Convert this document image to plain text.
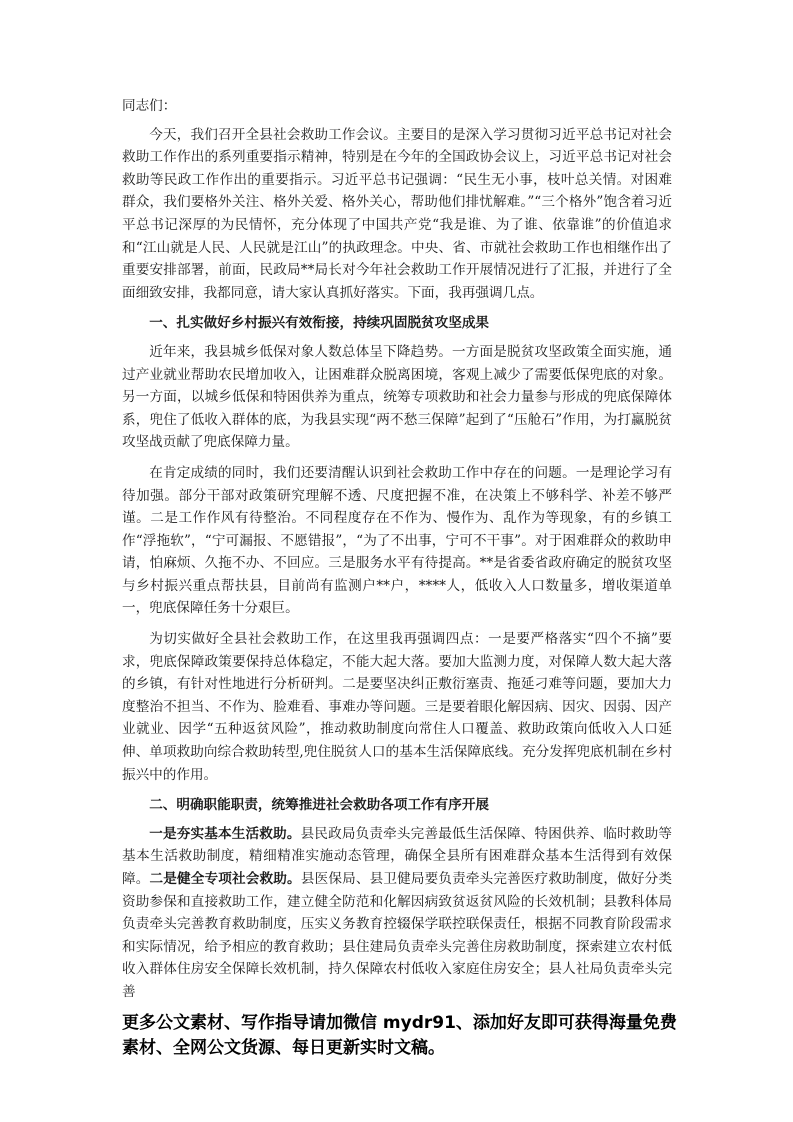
同志们：

今天，我们召开全县社会救助工作会议。主要目的是深入学习贯彻习近平总书记对社会救助工作作出的系列重要指示精神，特别是在今年的全国政协会议上，习近平总书记对社会救助等民政工作作出的重要指示。习近平总书记强调：“民生无小事，枝叶总关情。对困难群众，我们要格外关注、格外关爱、格外关心，帮助他们排忧解难。”“三个格外”饱含着习近平总书记深厚的为民情怀，充分体现了中国共产党“我是谁、为了谁、依靠谁”的价值追求和“江山就是人民、人民就是江山”的执政理念。中央、省、市就社会救助工作也相继作出了重要安排部署，前面，民政局**局长对今年社会救助工作开展情况进行了汇报，并进行了全面细致安排，我都同意，请大家认真抓好落实。下面，我再强调几点。

一、扎实做好乡村振兴有效衔接，持续巩固脱贫攻坚成果

近年来，我县城乡低保对象人数总体呈下降趋势。一方面是脱贫攻坚政策全面实施，通过产业就业帮助农民增加收入，让困难群众脱离困境，客观上减少了需要低保兜底的对象。另一方面，以城乡低保和特困供养为重点，统筹专项救助和社会力量参与形成的兜底保障体系，兜住了低收入群体的底，为我县实现“两不愁三保障”起到了“压舱石”作用，为打赢脱贫攻坚战贡献了兜底保障力量。

在肯定成绩的同时，我们还要清醒认识到社会救助工作中存在的问题。一是理论学习有待加强。部分干部对政策研究理解不透、尺度把握不准，在决策上不够科学、补差不够严谨。二是工作作风有待整治。不同程度存在不作为、慢作为、乱作为等现象，有的乡镇工作“浮拖软”，“宁可漏报、不愿错报”，“为了不出事，宁可不干事”。对于困难群众的救助申请，怕麻烦、久拖不办、不回应。三是服务水平有待提高。**是省委省政府确定的脱贫攻坚与乡村振兴重点帮扶县，目前尚有监测户**户，****人，低收入人口数量多，增收渠道单一，兜底保障任务十分艰巨。

为切实做好全县社会救助工作，在这里我再强调四点：一是要严格落实“四个不摘”要求，兜底保障政策要保持总体稳定，不能大起大落。要加大监测力度，对保障人数大起大落的乡镇，有针对性地进行分析研判。二是要坚决纠正敷衍塞责、拖延刁难等问题，要加大力度整治不担当、不作为、脸难看、事难办等问题。三是要着眼化解因病、因灾、因弱、因产业就业、因学“五种返贫风险”，推动救助制度向常住人口覆盖、救助政策向低收入人口延伸、单项救助向综合救助转型,兜住脱贫人口的基本生活保障底线。充分发挥兜底机制在乡村振兴中的作用。

二、明确职能职责，统筹推进社会救助各项工作有序开展

一是夯实基本生活救助。县民政局负责牵头完善最低生活保障、特困供养、临时救助等基本生活救助制度，精细精准实施动态管理，确保全县所有困难群众基本生活得到有效保障。二是健全专项社会救助。县医保局、县卫健局要负责牵头完善医疗救助制度，做好分类资助参保和直接救助工作，建立健全防范和化解因病致贫返贫风险的长效机制；县教科体局负责牵头完善教育救助制度，压实义务教育控辍保学联控联保责任，根据不同教育阶段需求和实际情况，给予相应的教育救助；县住建局负责牵头完善住房救助制度，探索建立农村低收入群体住房安全保障长效机制，持久保障农村低收入家庭住房安全；县人社局负责牵头完善

更多公文素材、写作指导请加微信 mydr91、添加好友即可获得海量免费素材、全网公文货源、每日更新实时文稿。
